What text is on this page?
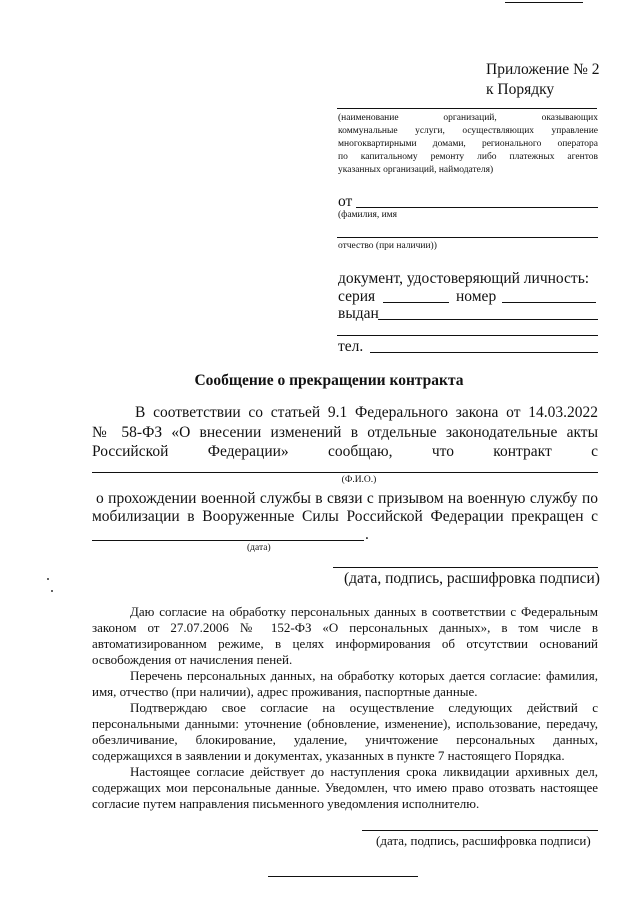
Приложение № 2
к Порядку
(наименование организаций, оказывающих
коммунальные услуги, осуществляющих управление
многоквартирными домами, регионального оператора
по капитальному ремонту либо платежных агентов
указанных организаций, наймодателя)
от
(фамилия, имя
отчество (при наличии))
документ, удостоверяющий личность:
серия	номер
выдан
тел.
Сообщение о прекращении контракта
В соответствии со статьей 9.1 Федерального закона от 14.03.2022
№ 58-ФЗ «О внесении изменений в отдельные законодательные акты
Российской	Федерации»	сообщаю,	что	контракт	с
(Ф.И.О.)
о прохождении военной службы в связи с призывом на военную службу по
мобилизации в Вооруженные Силы Российской Федерации прекращен с
.
(дата)
(дата, подпись, расшифровка подписи)
Даю согласие на обработку персональных данных в соответствии с Федеральным
законом от 27.07.2006 № 152-ФЗ «О персональных данных», в том числе в
автоматизированном режиме, в целях информирования об отсутствии оснований
освобождения от начисления пеней.
Перечень персональных данных, на обработку которых дается согласие: фамилия,
имя, отчество (при наличии), адрес проживания, паспортные данные.
Подтверждаю свое согласие на осуществление следующих действий с
персональными данными: уточнение (обновление, изменение), использование, передачу,
обезличивание, блокирование, удаление, уничтожение персональных данных,
содержащихся в заявлении и документах, указанных в пункте 7 настоящего Порядка.
Настоящее согласие действует до наступления срока ликвидации архивных дел,
содержащих мои персональные данные. Уведомлен, что имею право отозвать настоящее
согласие путем направления письменного уведомления исполнителю.
(дата, подпись, расшифровка подписи)
